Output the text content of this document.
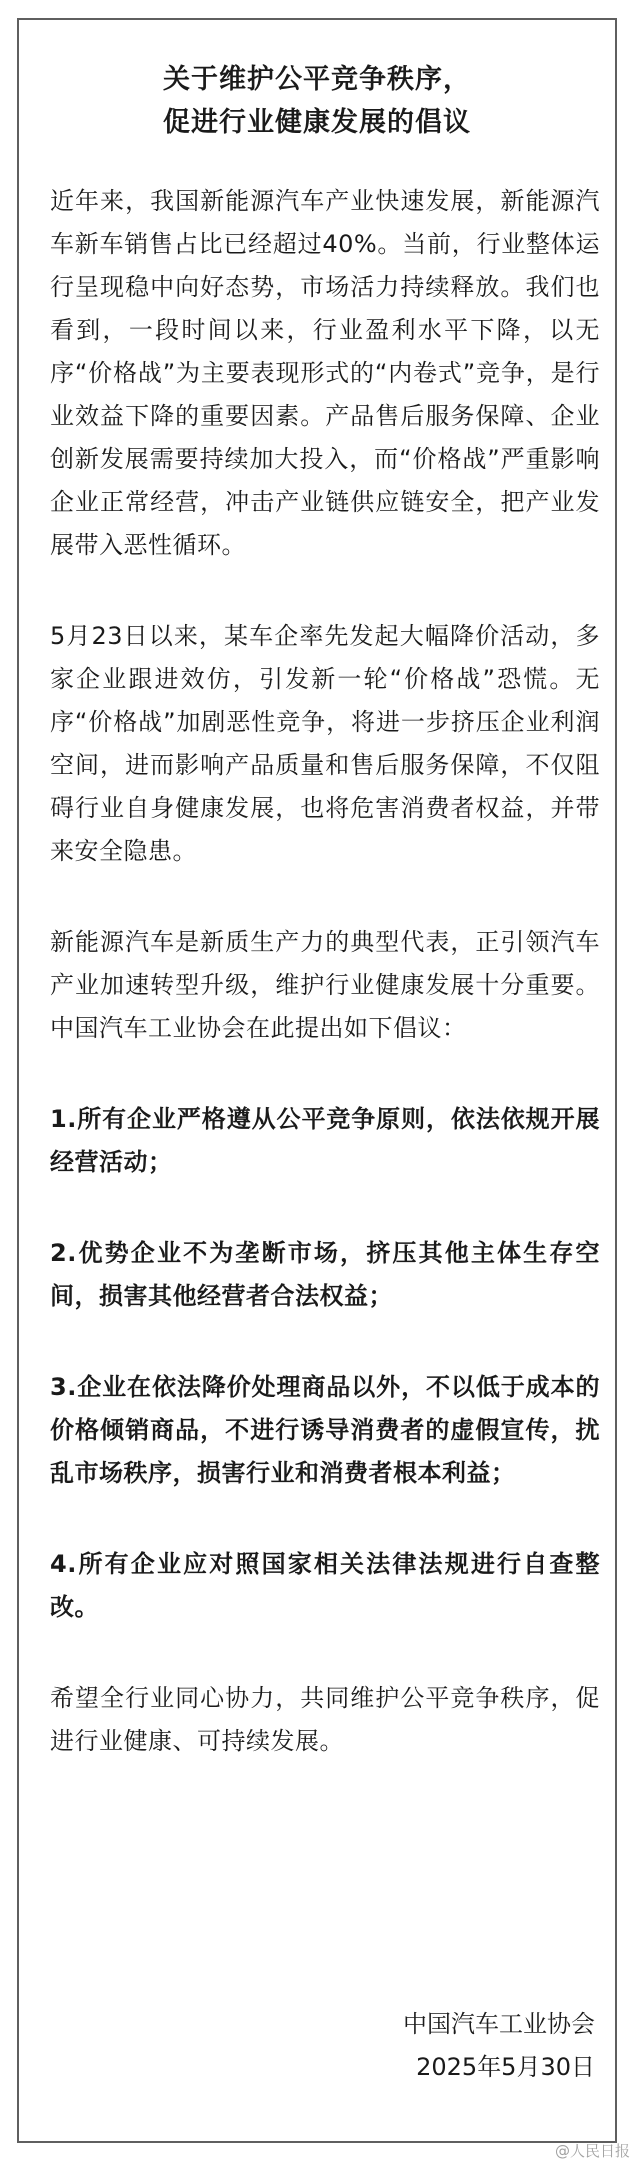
关于维护公平竞争秩序，
促进行业健康发展的倡议

近年来，我国新能源汽车产业快速发展，新能源汽车新车销售占比已经超过40%。当前，行业整体运行呈现稳中向好态势，市场活力持续释放。我们也看到，一段时间以来，行业盈利水平下降，以无序“价格战”为主要表现形式的“内卷式”竞争，是行业效益下降的重要因素。产品售后服务保障、企业创新发展需要持续加大投入，而“价格战”严重影响企业正常经营，冲击产业链供应链安全，把产业发展带入恶性循环。

5月23日以来，某车企率先发起大幅降价活动，多家企业跟进效仿，引发新一轮“价格战”恐慌。无序“价格战”加剧恶性竞争，将进一步挤压企业利润空间，进而影响产品质量和售后服务保障，不仅阻碍行业自身健康发展，也将危害消费者权益，并带来安全隐患。

新能源汽车是新质生产力的典型代表，正引领汽车产业加速转型升级，维护行业健康发展十分重要。中国汽车工业协会在此提出如下倡议：

1.所有企业严格遵从公平竞争原则，依法依规开展经营活动；

2.优势企业不为垄断市场，挤压其他主体生存空间，损害其他经营者合法权益；

3.企业在依法降价处理商品以外，不以低于成本的价格倾销商品，不进行诱导消费者的虚假宣传，扰乱市场秩序，损害行业和消费者根本利益；

4.所有企业应对照国家相关法律法规进行自查整改。

希望全行业同心协力，共同维护公平竞争秩序，促进行业健康、可持续发展。

中国汽车工业协会
2025年5月30日
@人民日报
